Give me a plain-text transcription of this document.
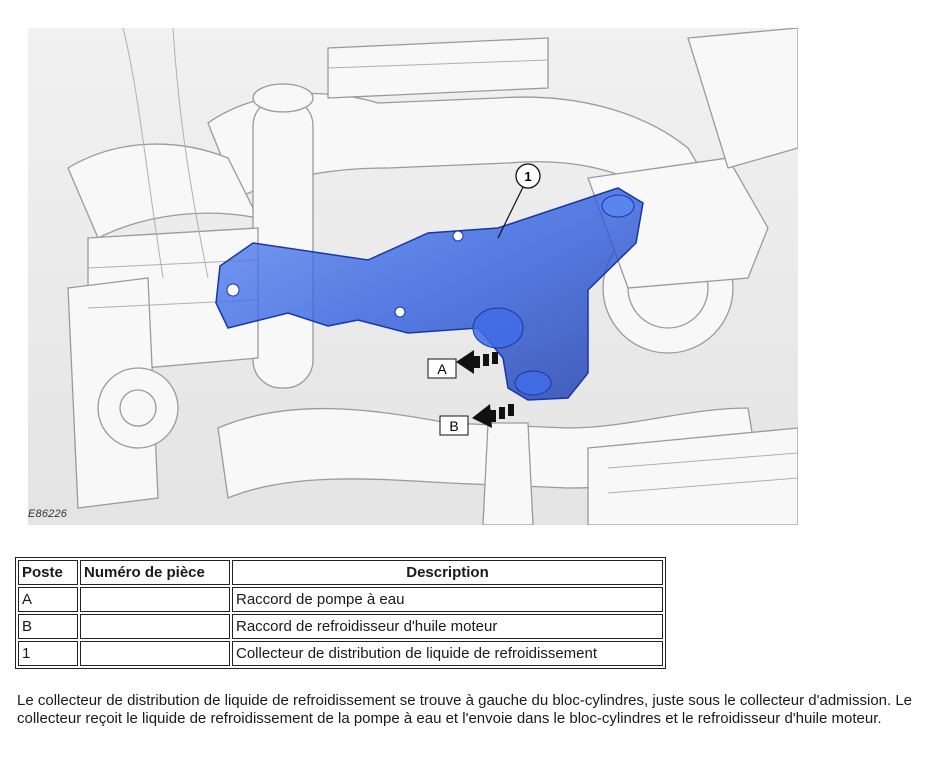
1
A
B
E86226
Poste	Numéro de pièce	Description
A		Raccord de pompe à eau
B		Raccord de refroidisseur d'huile moteur
1		Collecteur de distribution de liquide de refroidissement

Le collecteur de distribution de liquide de refroidissement se trouve à gauche du bloc-cylindres, juste sous le collecteur d'admission. Le collecteur reçoit le liquide de refroidissement de la pompe à eau et l'envoie dans le bloc-cylindres et le refroidisseur d'huile moteur.
